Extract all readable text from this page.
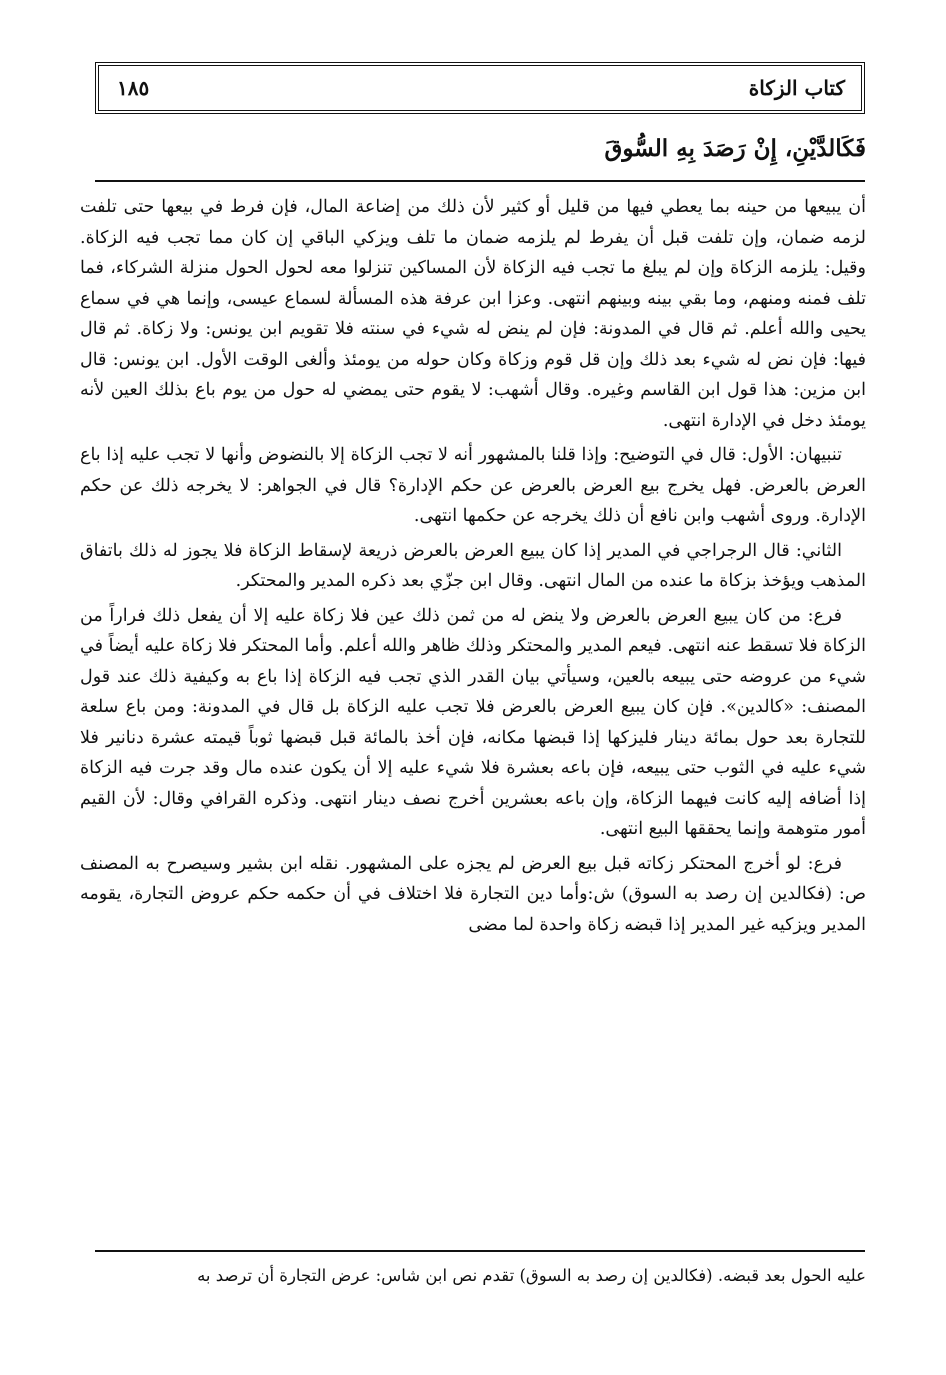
كتاب الزكاة
١٨٥
فَكَالدَّيْنِ، إِنْ رَصَدَ بِهِ السُّوقَ

أن يبيعها من حينه بما يعطي فيها من قليل أو كثير لأن ذلك من إضاعة المال، فإن فرط في بيعها حتى تلفت لزمه ضمان، وإن تلفت قبل أن يفرط لم يلزمه ضمان ما تلف ويزكي الباقي إن كان مما تجب فيه الزكاة. وقيل: يلزمه الزكاة وإن لم يبلغ ما تجب فيه الزكاة لأن المساكين تنزلوا معه لحول الحول منزلة الشركاء، فما تلف فمنه ومنهم، وما بقي بينه وبينهم انتهى. وعزا ابن عرفة هذه المسألة لسماع عيسى، وإنما هي في سماع يحيى والله أعلم. ثم قال في المدونة: فإن لم ينض له شيء في سنته فلا تقويم ابن يونس: ولا زكاة. ثم قال فيها: فإن نض له شيء بعد ذلك وإن قل قوم وزكاة وكان حوله من يومئذ وألغى الوقت الأول. ابن يونس: قال ابن مزين: هذا قول ابن القاسم وغيره. وقال أشهب: لا يقوم حتى يمضي له حول من يوم باع بذلك العين لأنه يومئذ دخل في الإدارة انتهى.

تنبيهان: الأول: قال في التوضيح: وإذا قلنا بالمشهور أنه لا تجب الزكاة إلا بالنضوض وأنها لا تجب عليه إذا باع العرض بالعرض. فهل يخرج بيع العرض بالعرض عن حكم الإدارة؟ قال في الجواهر: لا يخرجه ذلك عن حكم الإدارة. وروى أشهب وابن نافع أن ذلك يخرجه عن حكمها انتهى.

الثاني: قال الرجراجي في المدير إذا كان يبيع العرض بالعرض ذريعة لإسقاط الزكاة فلا يجوز له ذلك باتفاق المذهب ويؤخذ بزكاة ما عنده من المال انتهى. وقال ابن جزّي بعد ذكره المدير والمحتكر.

فرع: من كان يبيع العرض بالعرض ولا ينض له من ثمن ذلك عين فلا زكاة عليه إلا أن يفعل ذلك فراراً من الزكاة فلا تسقط عنه انتهى. فيعم المدير والمحتكر وذلك ظاهر والله أعلم. وأما المحتكر فلا زكاة عليه أيضاً في شيء من عروضه حتى يبيعه بالعين، وسيأتي بيان القدر الذي تجب فيه الزكاة إذا باع به وكيفية ذلك عند قول المصنف: «كالدين». فإن كان يبيع العرض بالعرض فلا تجب عليه الزكاة بل قال في المدونة: ومن باع سلعة للتجارة بعد حول بمائة دينار فليزكها إذا قبضها مكانه، فإن أخذ بالمائة قبل قبضها ثوباً قيمته عشرة دنانير فلا شيء عليه في الثوب حتى يبيعه، فإن باعه بعشرة فلا شيء عليه إلا أن يكون عنده مال وقد جرت فيه الزكاة إذا أضافه إليه كانت فيهما الزكاة، وإن باعه بعشرين أخرج نصف دينار انتهى. وذكره القرافي وقال: لأن القيم أمور متوهمة وإنما يحققها البيع انتهى.

فرع: لو أخرج المحتكر زكاته قبل بيع العرض لم يجزه على المشهور. نقله ابن بشير وسيصرح به المصنف ص: (فكالدين إن رصد به السوق) ش:وأما دين التجارة فلا اختلاف في أن حكمه حكم عروض التجارة، يقومه المدير ويزكيه غير المدير إذا قبضه زكاة واحدة لما مضى

عليه الحول بعد قبضه. (فكالدين إن رصد به السوق) تقدم نص ابن شاس: عرض التجارة أن ترصد به
